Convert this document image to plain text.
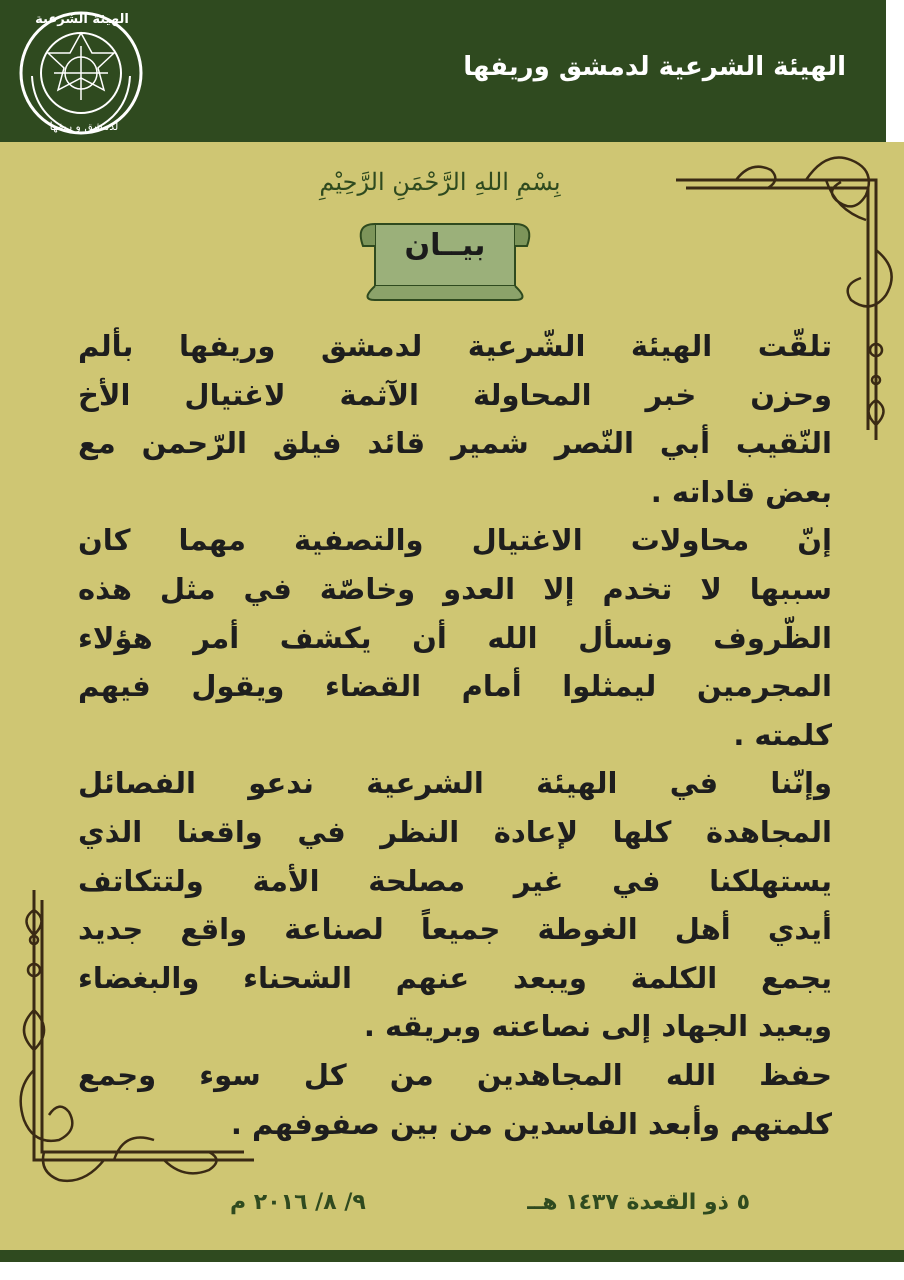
الهيئة الشرعية
لدمشق و ريفها
الهيئة الشرعية لدمشق وريفها
بِسْمِ اللهِ الرَّحْمَنِ الرَّحِيْمِ
بيــان
تلقّت الهيئة الشّرعية لدمشق وريفها بألم
وحزن خبر المحاولة الآثمة لاغتيال الأخ
النّقيب أبي النّصر شمير قائد فيلق الرّحمن مع
بعض قاداته .
إنّ محاولات الاغتيال والتصفية مهما كان
سببها لا تخدم إلا العدو وخاصّة في مثل هذه
الظّروف ونسأل الله أن يكشف أمر هؤلاء
المجرمين ليمثلوا أمام القضاء ويقول فيهم
كلمته .
وإنّنا في الهيئة الشرعية ندعو الفصائل
المجاهدة كلها لإعادة النظر في واقعنا الذي
يستهلكنا في غير مصلحة الأمة ولتتكاتف
أيدي أهل الغوطة جميعاً لصناعة واقع جديد
يجمع الكلمة ويبعد عنهم الشحناء والبغضاء
ويعيد الجهاد إلى نصاعته وبريقه .
حفظ الله المجاهدين من كل سوء وجمع
كلمتهم وأبعد الفاسدين من بين صفوفهم .
٥ ذو القعدة ١٤٣٧ هــ
٩/ ٨/ ٢٠١٦ م
